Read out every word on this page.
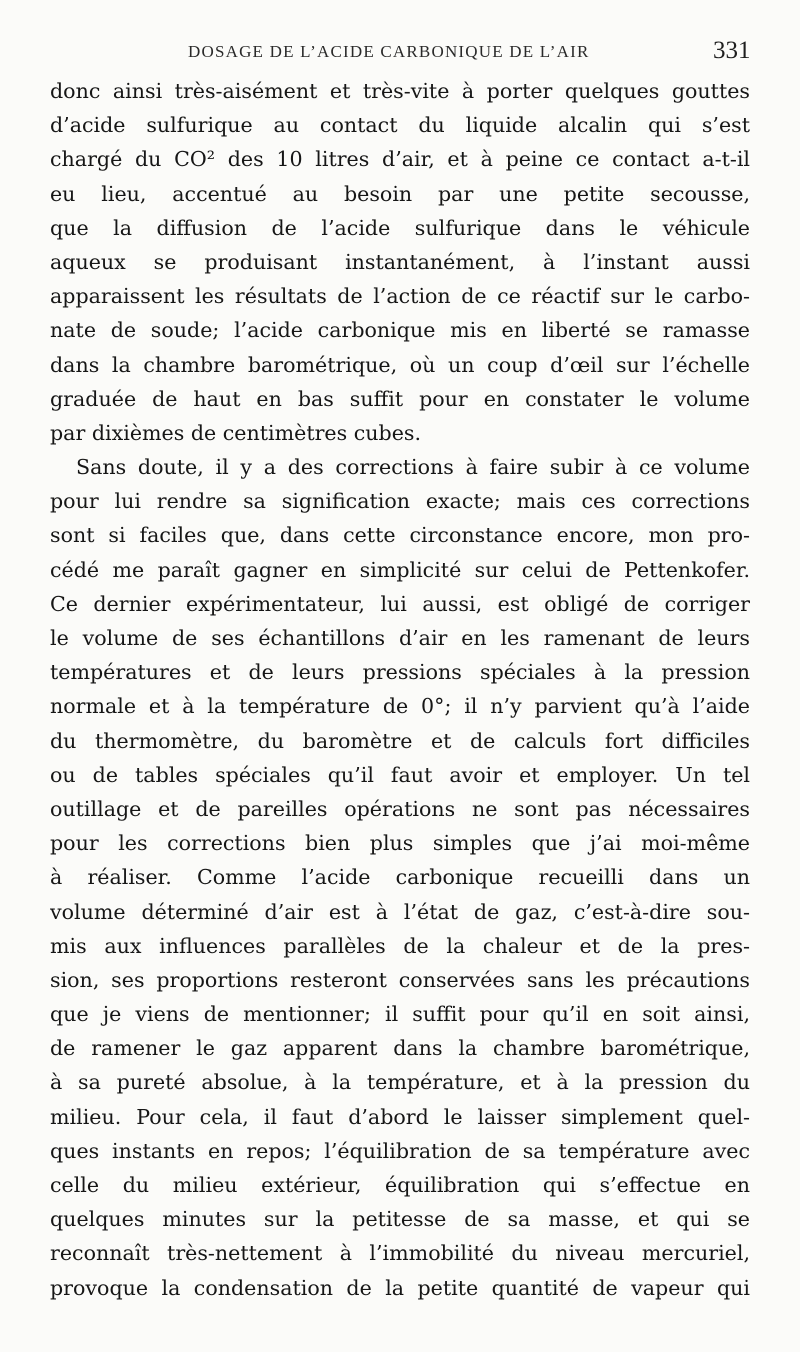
DOSAGE DE L’ACIDE CARBONIQUE DE L’AIR	331
donc ainsi très-aisément et très-vite à porter quelques gouttes
d’acide sulfurique au contact du liquide alcalin qui s’est
chargé du CO² des 10 litres d’air, et à peine ce contact a-t-il
eu lieu, accentué au besoin par une petite secousse,
que la diffusion de l’acide sulfurique dans le véhicule
aqueux se produisant instantanément, à l’instant aussi
apparaissent les résultats de l’action de ce réactif sur le carbo-
nate de soude; l’acide carbonique mis en liberté se ramasse
dans la chambre barométrique, où un coup d’œil sur l’échelle
graduée de haut en bas suffit pour en constater le volume
par dixièmes de centimètres cubes.
Sans doute, il y a des corrections à faire subir à ce volume
pour lui rendre sa signification exacte; mais ces corrections
sont si faciles que, dans cette circonstance encore, mon pro-
cédé me paraît gagner en simplicité sur celui de Pettenkofer.
Ce dernier expérimentateur, lui aussi, est obligé de corriger
le volume de ses échantillons d’air en les ramenant de leurs
températures et de leurs pressions spéciales à la pression
normale et à la température de 0°; il n’y parvient qu’à l’aide
du thermomètre, du baromètre et de calculs fort difficiles
ou de tables spéciales qu’il faut avoir et employer. Un tel
outillage et de pareilles opérations ne sont pas nécessaires
pour les corrections bien plus simples que j’ai moi-même
à réaliser. Comme l’acide carbonique recueilli dans un
volume déterminé d’air est à l’état de gaz, c’est-à-dire sou-
mis aux influences parallèles de la chaleur et de la pres-
sion, ses proportions resteront conservées sans les précautions
que je viens de mentionner; il suffit pour qu’il en soit ainsi,
de ramener le gaz apparent dans la chambre barométrique,
à sa pureté absolue, à la température, et à la pression du
milieu. Pour cela, il faut d’abord le laisser simplement quel-
ques instants en repos; l’équilibration de sa température avec
celle du milieu extérieur, équilibration qui s’effectue en
quelques minutes sur la petitesse de sa masse, et qui se
reconnaît très-nettement à l’immobilité du niveau mercuriel,
provoque la condensation de la petite quantité de vapeur qui
